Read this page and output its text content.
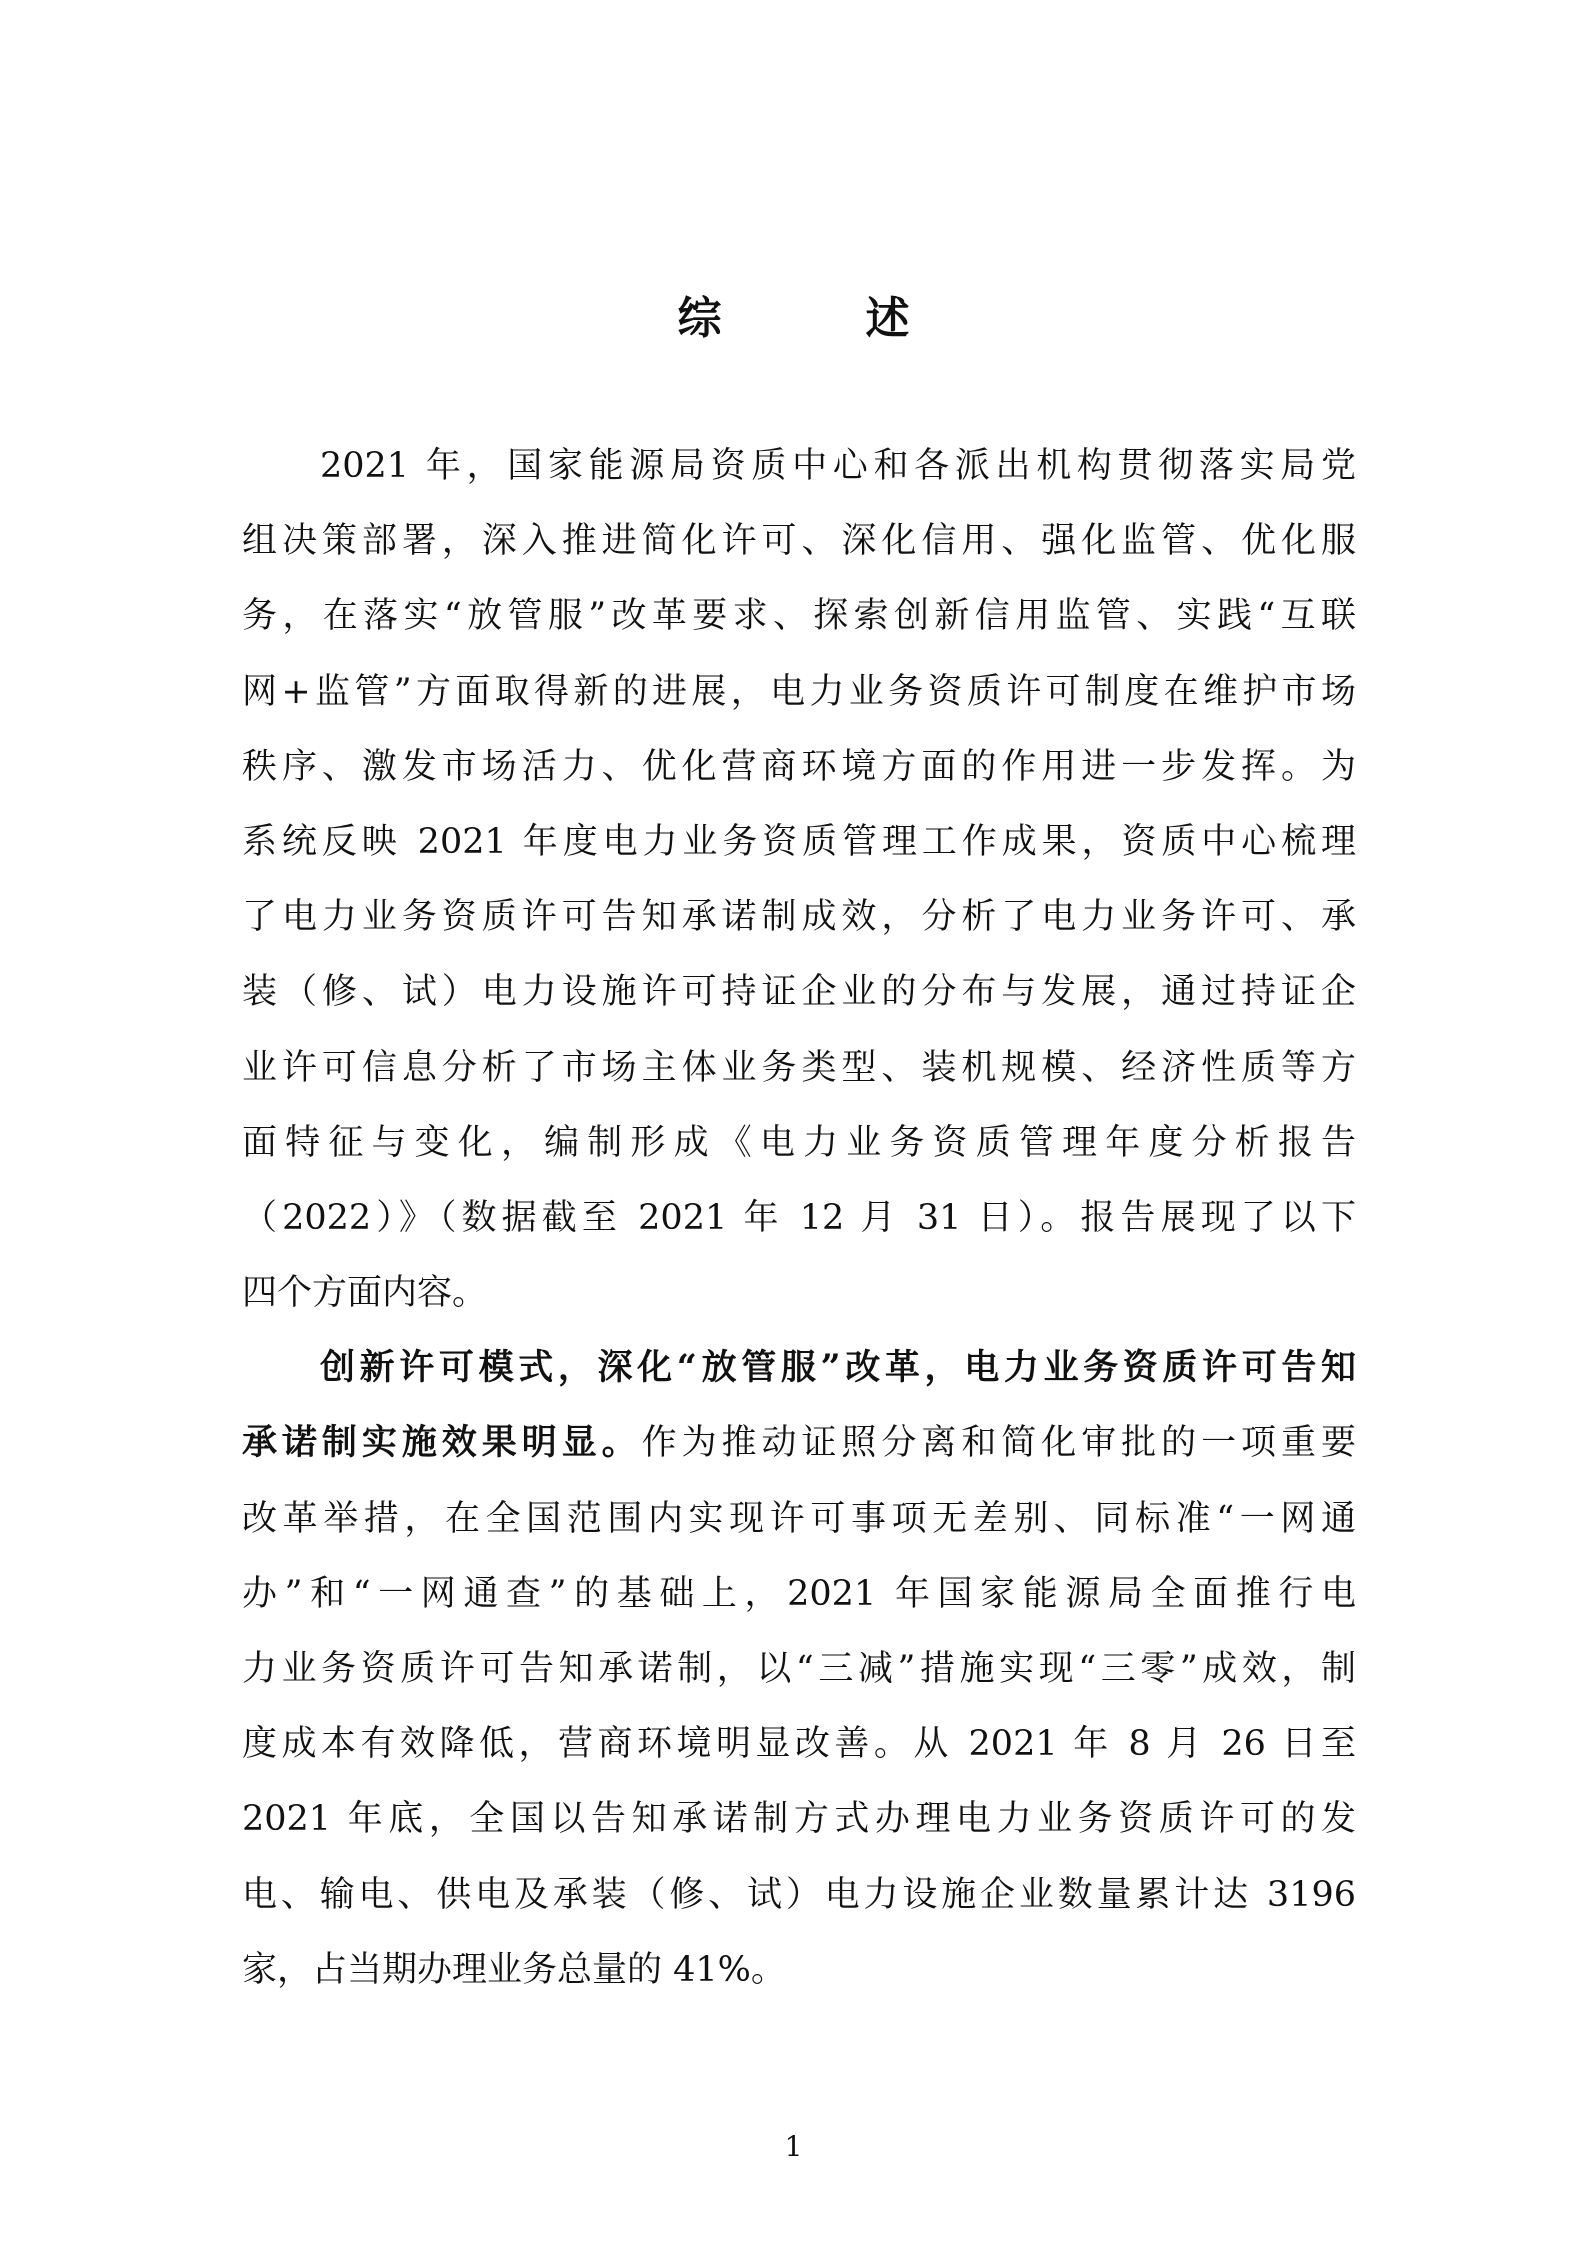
综　述
2021 年，国家能源局资质中心和各派出机构贯彻落实局党
组决策部署，深入推进简化许可、深化信用、强化监管、优化服
务，在落实“放管服”改革要求、探索创新信用监管、实践“互联
网+监管”方面取得新的进展，电力业务资质许可制度在维护市场
秩序、激发市场活力、优化营商环境方面的作用进一步发挥。为
系统反映 2021 年度电力业务资质管理工作成果，资质中心梳理
了电力业务资质许可告知承诺制成效，分析了电力业务许可、承
装（修、试）电力设施许可持证企业的分布与发展，通过持证企
业许可信息分析了市场主体业务类型、装机规模、经济性质等方
面特征与变化，编制形成《电力业务资质管理年度分析报告
（2022）》（数据截至 2021 年 12 月 31 日）。报告展现了以下
四个方面内容。
创新许可模式，深化“放管服”改革，电力业务资质许可告知
承诺制实施效果明显。作为推动证照分离和简化审批的一项重要
改革举措，在全国范围内实现许可事项无差别、同标准“一网通
办”和“一网通查”的基础上，2021 年国家能源局全面推行电
力业务资质许可告知承诺制，以“三减”措施实现“三零”成效，制
度成本有效降低，营商环境明显改善。从 2021 年 8 月 26 日至
2021 年底，全国以告知承诺制方式办理电力业务资质许可的发
电、输电、供电及承装（修、试）电力设施企业数量累计达 3196
家，占当期办理业务总量的 41%。
1
